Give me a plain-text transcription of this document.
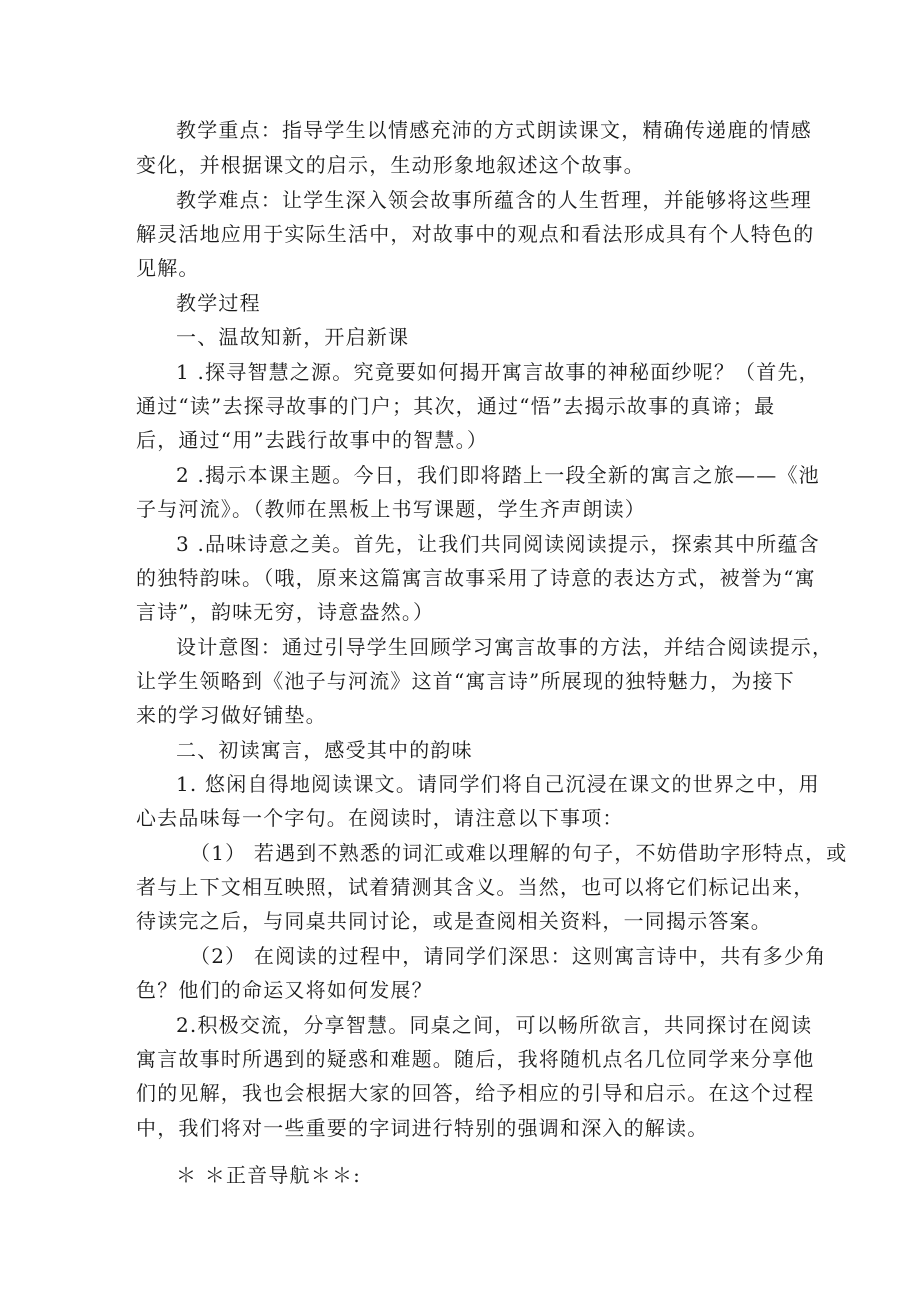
教学重点：指导学生以情感充沛的方式朗读课文，精确传递鹿的情感
变化，并根据课文的启示，生动形象地叙述这个故事。
教学难点：让学生深入领会故事所蕴含的人生哲理，并能够将这些理
解灵活地应用于实际生活中，对故事中的观点和看法形成具有个人特色的
见解。
教学过程
一、温故知新，开启新课
1 .探寻智慧之源。究竟要如何揭开寓言故事的神秘面纱呢？（首先，
通过“读”去探寻故事的门户；其次，通过“悟”去揭示故事的真谛；最
后，通过“用”去践行故事中的智慧。）
2 .揭示本课主题。今日，我们即将踏上一段全新的寓言之旅——《池
子与河流》。（教师在黑板上书写课题，学生齐声朗读）
3 .品味诗意之美。首先，让我们共同阅读阅读提示，探索其中所蕴含
的独特韵味。（哦，原来这篇寓言故事采用了诗意的表达方式，被誉为“寓
言诗”，韵味无穷，诗意盎然。）
设计意图：通过引导学生回顾学习寓言故事的方法，并结合阅读提示，
让学生领略到《池子与河流》这首“寓言诗”所展现的独特魅力，为接下
来的学习做好铺垫。
二、初读寓言，感受其中的韵味
1. 悠闲自得地阅读课文。请同学们将自己沉浸在课文的世界之中，用
心去品味每一个字句。在阅读时，请注意以下事项：
（1） 若遇到不熟悉的词汇或难以理解的句子，不妨借助字形特点，或
者与上下文相互映照，试着猜测其含义。当然，也可以将它们标记出来，
待读完之后，与同桌共同讨论，或是查阅相关资料，一同揭示答案。
（2） 在阅读的过程中，请同学们深思：这则寓言诗中，共有多少角
色？他们的命运又将如何发展？
2.积极交流，分享智慧。同桌之间，可以畅所欲言，共同探讨在阅读
寓言故事时所遇到的疑惑和难题。随后，我将随机点名几位同学来分享他
们的见解，我也会根据大家的回答，给予相应的引导和启示。在这个过程
中，我们将对一些重要的字词进行特别的强调和深入的解读。
＊ ＊正音导航＊＊:
